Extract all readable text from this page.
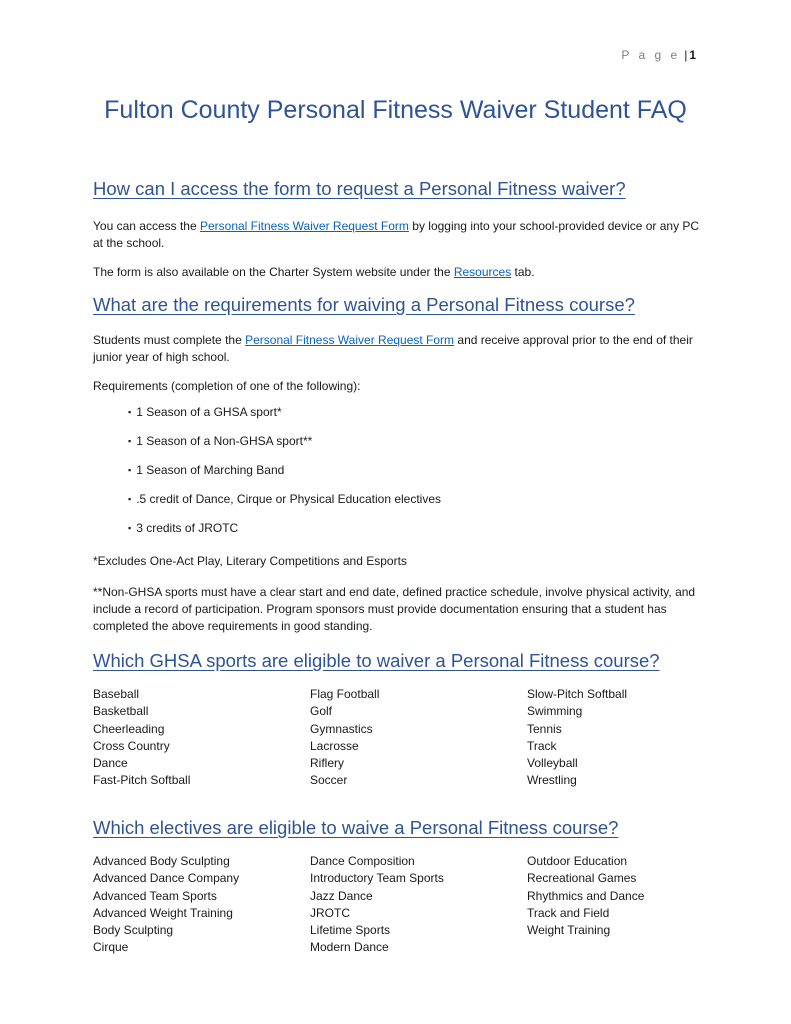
P a g e | 1
Fulton County Personal Fitness Waiver Student FAQ
How can I access the form to request a Personal Fitness waiver?

You can access the Personal Fitness Waiver Request Form by logging into your school-provided device or any PC at the school.

The form is also available on the Charter System website under the Resources tab.

What are the requirements for waiving a Personal Fitness course?

Students must complete the Personal Fitness Waiver Request Form and receive approval prior to the end of their junior year of high school.

Requirements (completion of one of the following):

▪ 1 Season of a GHSA sport*
▪ 1 Season of a Non-GHSA sport**
▪ 1 Season of Marching Band
▪ .5 credit of Dance, Cirque or Physical Education electives
▪ 3 credits of JROTC

*Excludes One-Act Play, Literary Competitions and Esports

**Non-GHSA sports must have a clear start and end date, defined practice schedule, involve physical activity, and include a record of participation. Program sponsors must provide documentation ensuring that a student has completed the above requirements in good standing.

Which GHSA sports are eligible to waiver a Personal Fitness course?
Baseball
Basketball
Cheerleading
Cross Country
Dance
Fast-Pitch Softball
Flag Football
Golf
Gymnastics
Lacrosse
Riflery
Soccer
Slow-Pitch Softball
Swimming
Tennis
Track
Volleyball
Wrestling
Which electives are eligible to waive a Personal Fitness course?
Advanced Body Sculpting
Advanced Dance Company
Advanced Team Sports
Advanced Weight Training
Body Sculpting
Cirque
Dance Composition
Introductory Team Sports
Jazz Dance
JROTC
Lifetime Sports
Modern Dance
Outdoor Education
Recreational Games
Rhythmics and Dance
Track and Field
Weight Training
